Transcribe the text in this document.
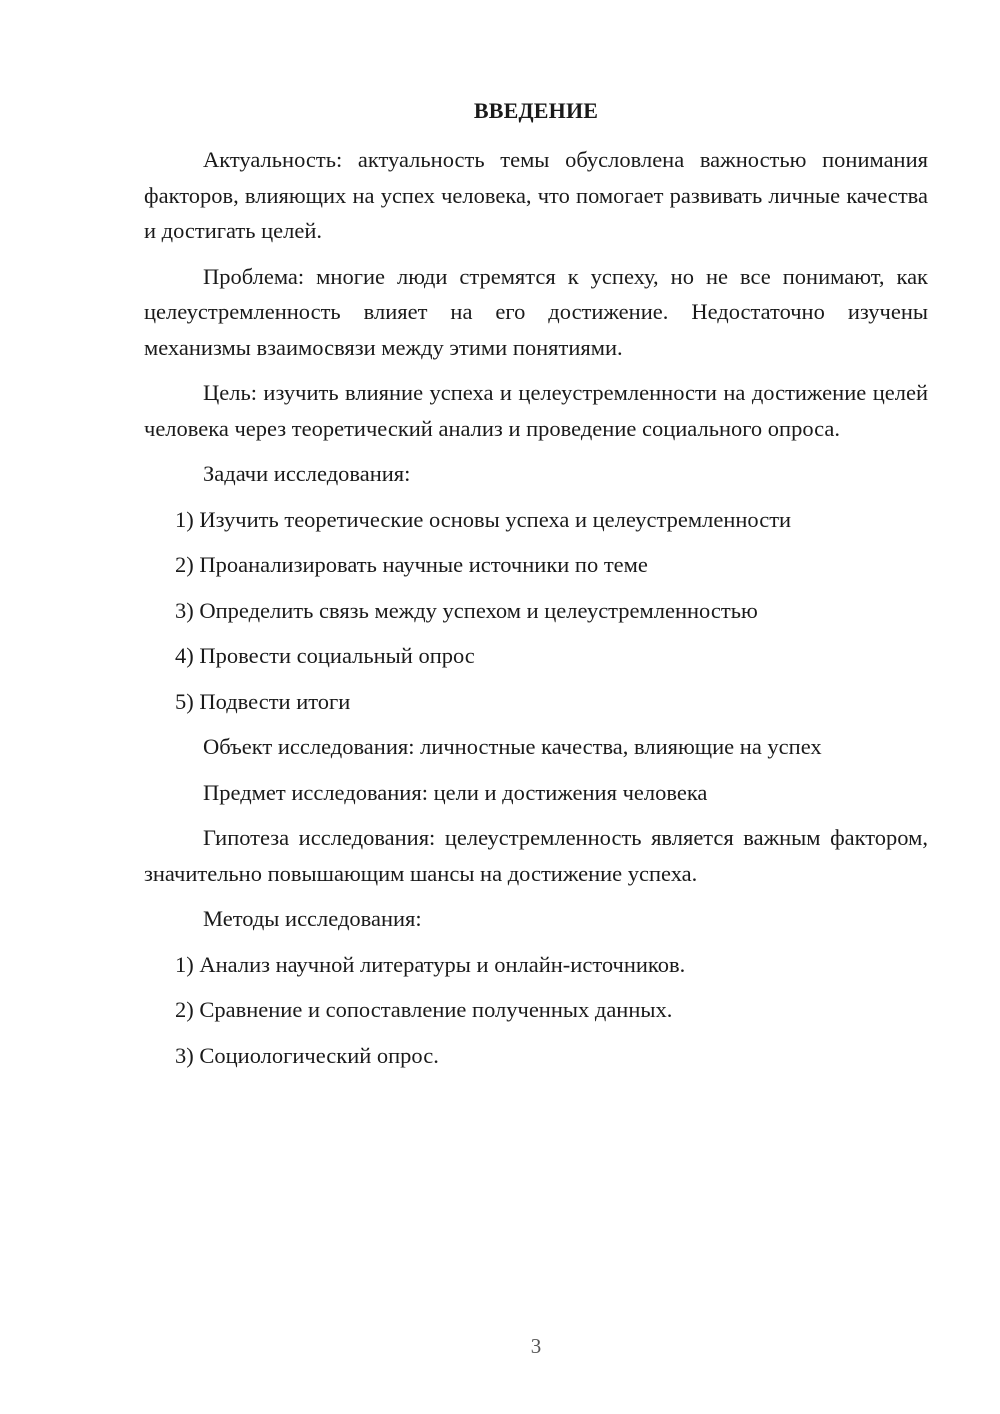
ВВЕДЕНИЕ

Актуальность: актуальность темы обусловлена важностью понимания факторов, влияющих на успех человека, что помогает развивать личные качества и достигать целей.

Проблема: многие люди стремятся к успеху, но не все понимают, как целеустремленность влияет на его достижение. Недостаточно изучены механизмы взаимосвязи между этими понятиями.

Цель: изучить влияние успеха и целеустремленности на достижение целей человека через теоретический анализ и проведение социального опроса.

Задачи исследования:

1) Изучить теоретические основы успеха и целеустремленности

2) Проанализировать научные источники по теме

3) Определить связь между успехом и целеустремленностью

4) Провести социальный опрос

5) Подвести итоги

Объект исследования: личностные качества, влияющие на успех

Предмет исследования: цели и достижения человека

Гипотеза исследования: целеустремленность является важным фактором, значительно повышающим шансы на достижение успеха.

Методы исследования:

1) Анализ научной литературы и онлайн-источников.

2) Сравнение и сопоставление полученных данных.

3) Социологический опрос.

3
